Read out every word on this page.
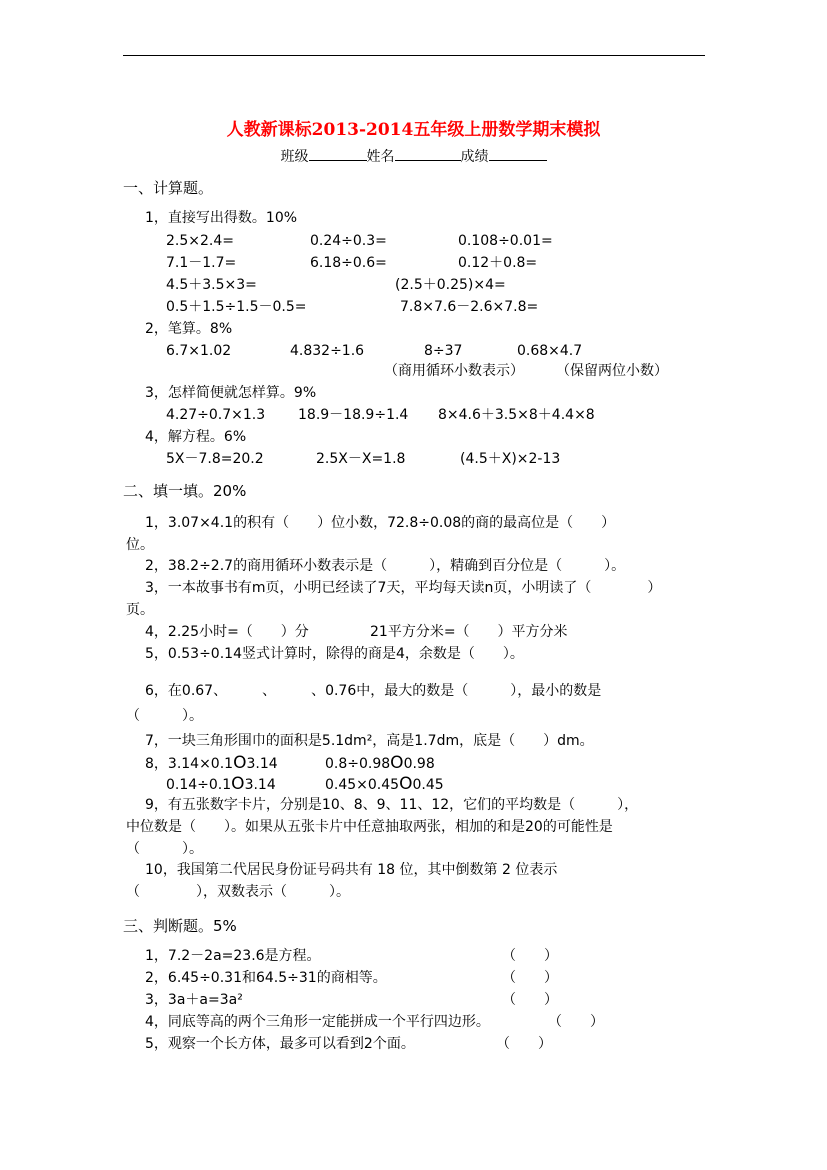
人教新课标2013-2014五年级上册数学期末模拟
班级	姓名	成绩
一、计算题。
1，直接写出得数。10%
2.5×2.4=	0.24÷0.3=	0.108÷0.01=
7.1－1.7=	6.18÷0.6=	0.12＋0.8=
4.5＋3.5×3=	(2.5＋0.25)×4=
0.5＋1.5÷1.5－0.5=	7.8×7.6－2.6×7.8=
2，笔算。8%
6.7×1.02	4.832÷1.6	8÷37	0.68×4.7
（商用循环小数表示） （保留两位小数）
3，怎样简便就怎样算。9%
4.27÷0.7×1.3 18.9－18.9÷1.4 8×4.6＋3.5×8＋4.4×8
4，解方程。6%
5X－7.8=20.2	2.5X－X=1.8	(4.5＋X)×2-13
二、填一填。20%
1，3.07×4.1的积有（　　）位小数，72.8÷0.08的商的最高位是（　　）
位。
2，38.2÷2.7的商用循环小数表示是（　　　），精确到百分位是（　　　）。
3，一本故事书有m页，小明已经读了7天，平均每天读n页，小明读了（　　　　）
页。
4，2.25小时=（　　）分	21平方分米=（　　）平方分米
5，0.53÷0.14竖式计算时，除得的商是4，余数是（　　）。
6，在0.67、　　　、　　　、0.76中，最大的数是（　　　），最小的数是
（　　　）。
7，一块三角形围巾的面积是5.1dm²，高是1.7dm，底是（　　）dm。
8，3.14×0.1O3.14	0.8÷0.98O0.98
0.14÷0.1O3.14	0.45×0.45O0.45
9，有五张数字卡片，分别是10、8、9、11、12，它们的平均数是（　　　），
中位数是（　　）。如果从五张卡片中任意抽取两张，相加的和是20的可能性是
（　　　）。
10，我国第二代居民身份证号码共有 18 位，其中倒数第 2 位表示
（　　　　），双数表示（　　　）。
三、判断题。5%
1，7.2－2a=23.6是方程。	（　　）
2，6.45÷0.31和64.5÷31的商相等。	（　　）
3，3a＋a=3a²	（　　）
4，同底等高的两个三角形一定能拼成一个平行四边形。	（　　）
5，观察一个长方体，最多可以看到2个面。	（　　）
